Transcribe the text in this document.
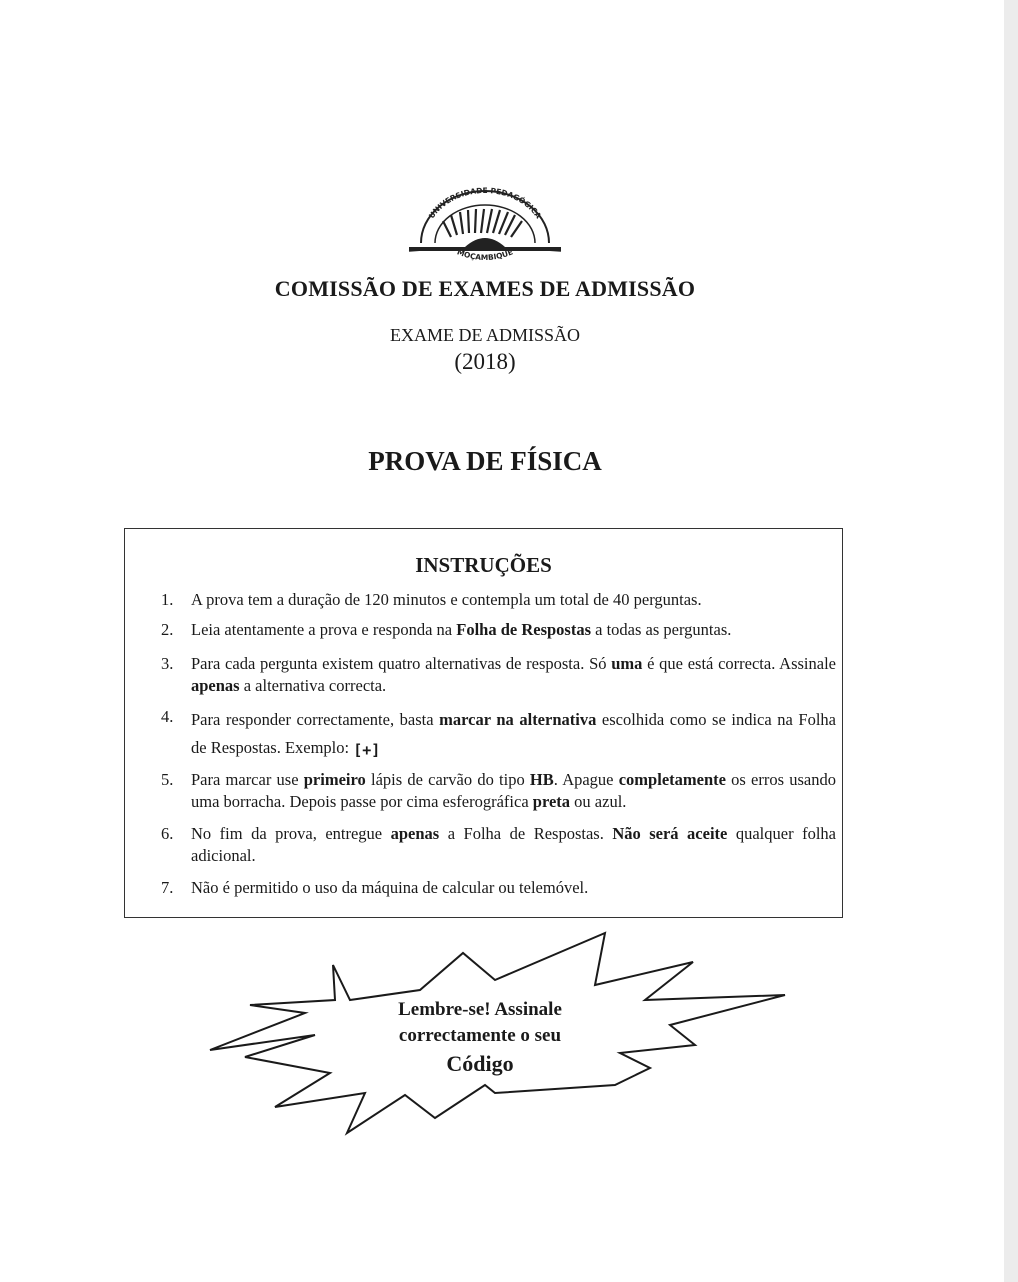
UNIVERSIDADE PEDAGÓGICA
MOÇAMBIQUE
COMISSÃO DE EXAMES DE ADMISSÃO
EXAME DE ADMISSÃO
(2018)
PROVA DE FÍSICA
INSTRUÇÕES
1.	A prova tem a duração de 120 minutos e contempla um total de 40 perguntas.
2.	Leia atentamente a prova e responda na Folha de Respostas a todas as perguntas.
3.	Para cada pergunta existem quatro alternativas de resposta. Só uma é que está correcta. Assinale apenas a alternativa correcta.
4.	Para responder correctamente, basta marcar na alternativa escolhida como se indica na Folha de Respostas. Exemplo: [+]
5.	Para marcar use primeiro lápis de carvão do tipo HB. Apague completamente os erros usando uma borracha. Depois passe por cima esferográfica preta ou azul.
6.	No fim da prova, entregue apenas a Folha de Respostas. Não será aceite qualquer folha adicional.
7.	Não é permitido o uso da máquina de calcular ou telemóvel.
Lembre-se! Assinale
correctamente o seu
Código
